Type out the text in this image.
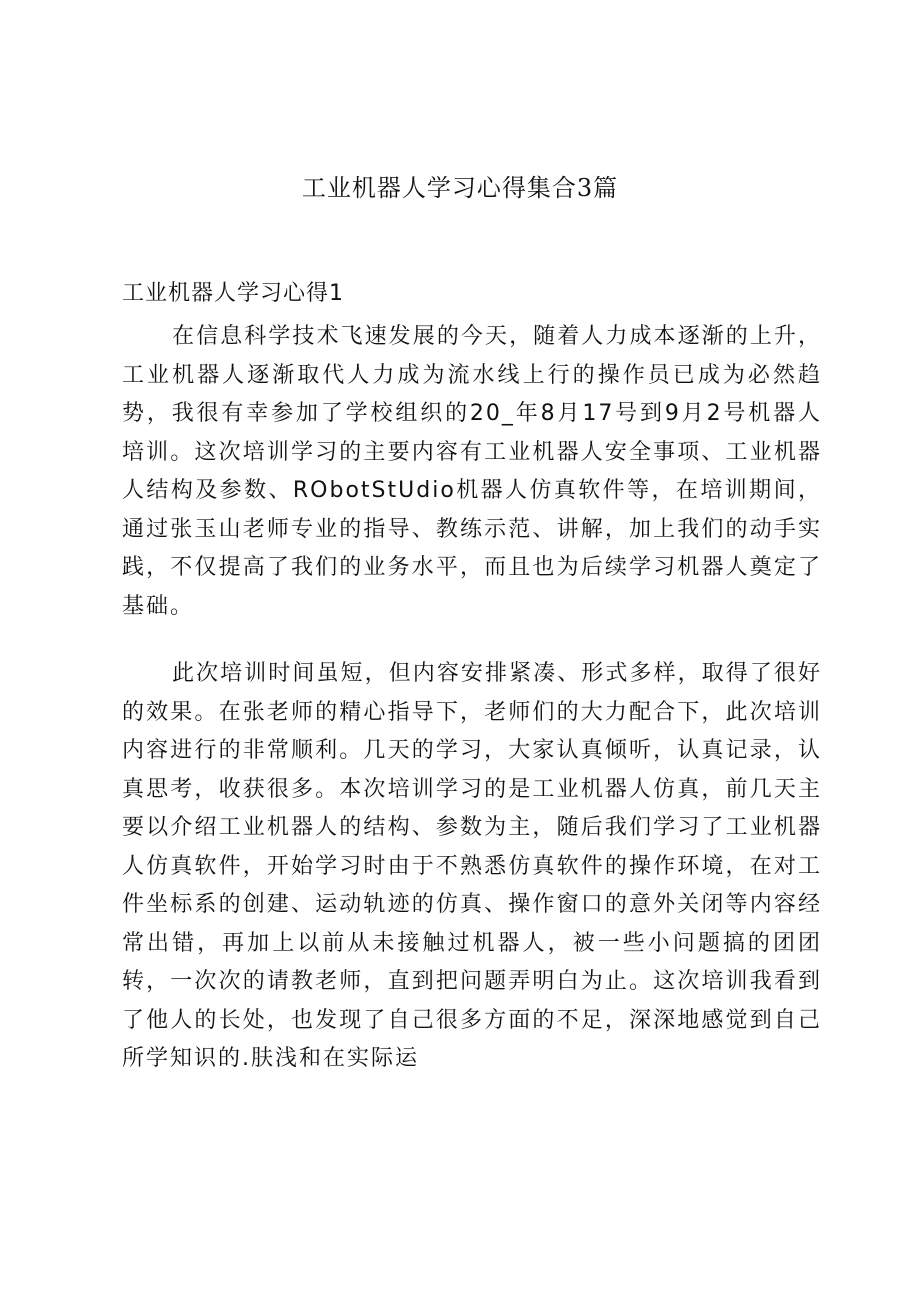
工业机器人学习心得集合3篇
工业机器人学习心得1

在信息科学技术飞速发展的今天，随着人力成本逐渐的上升，工业机器人逐渐取代人力成为流水线上行的操作员已成为必然趋势，我很有幸参加了学校组织的20_年8月17号到9月2号机器人培训。这次培训学习的主要内容有工业机器人安全事项、工业机器人结构及参数、RObotStUdio机器人仿真软件等，在培训期间，通过张玉山老师专业的指导、教练示范、讲解，加上我们的动手实践，不仅提高了我们的业务水平，而且也为后续学习机器人奠定了基础。

此次培训时间虽短，但内容安排紧凑、形式多样，取得了很好的效果。在张老师的精心指导下，老师们的大力配合下，此次培训内容进行的非常顺利。几天的学习，大家认真倾听，认真记录，认真思考，收获很多。本次培训学习的是工业机器人仿真，前几天主要以介绍工业机器人的结构、参数为主，随后我们学习了工业机器人仿真软件，开始学习时由于不熟悉仿真软件的操作环境，在对工件坐标系的创建、运动轨迹的仿真、操作窗口的意外关闭等内容经常出错，再加上以前从未接触过机器人，被一些小问题搞的团团转，一次次的请教老师，直到把问题弄明白为止。这次培训我看到了他人的长处，也发现了自己很多方面的不足，深深地感觉到自己所学知识的.肤浅和在实际运
